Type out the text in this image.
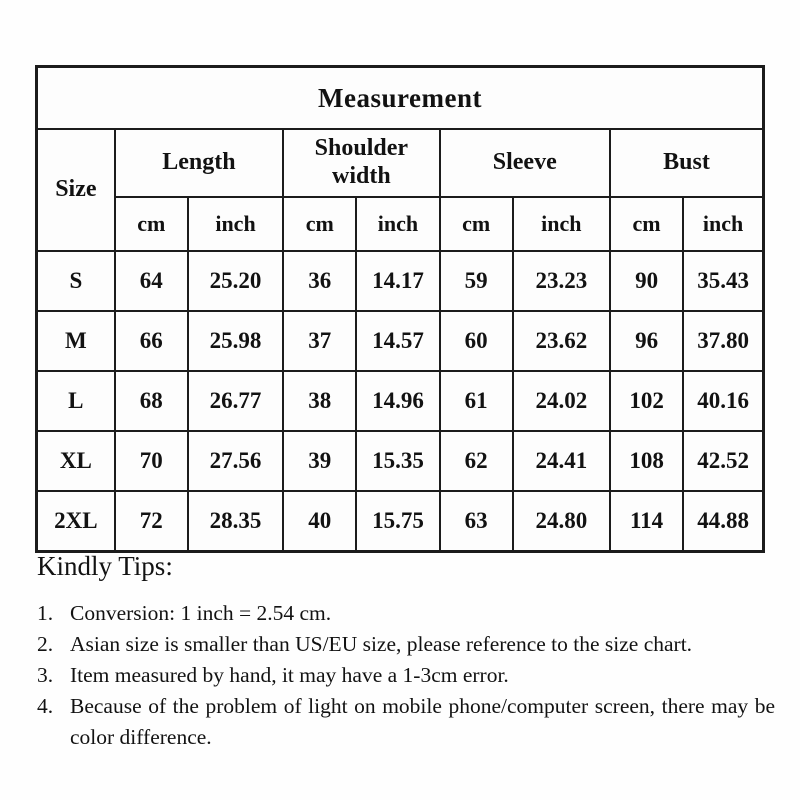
Measurement								
Size	Length		Shoulder width		Sleeve		Bust	
	cm	inch	cm	inch	cm	inch	cm	inch
S	64	25.20	36	14.17	59	23.23	90	35.43
M	66	25.98	37	14.57	60	23.62	96	37.80
L	68	26.77	38	14.96	61	24.02	102	40.16
XL	70	27.56	39	15.35	62	24.41	108	42.52
2XL	72	28.35	40	15.75	63	24.80	114	44.88

Kindly Tips:

1. Conversion: 1 inch = 2.54 cm.
2. Asian size is smaller than US/EU size, please reference to the size chart.
3. Item measured by hand, it may have a 1-3cm error.
4. Because of the problem of light on mobile phone/computer screen, there may be color difference.
